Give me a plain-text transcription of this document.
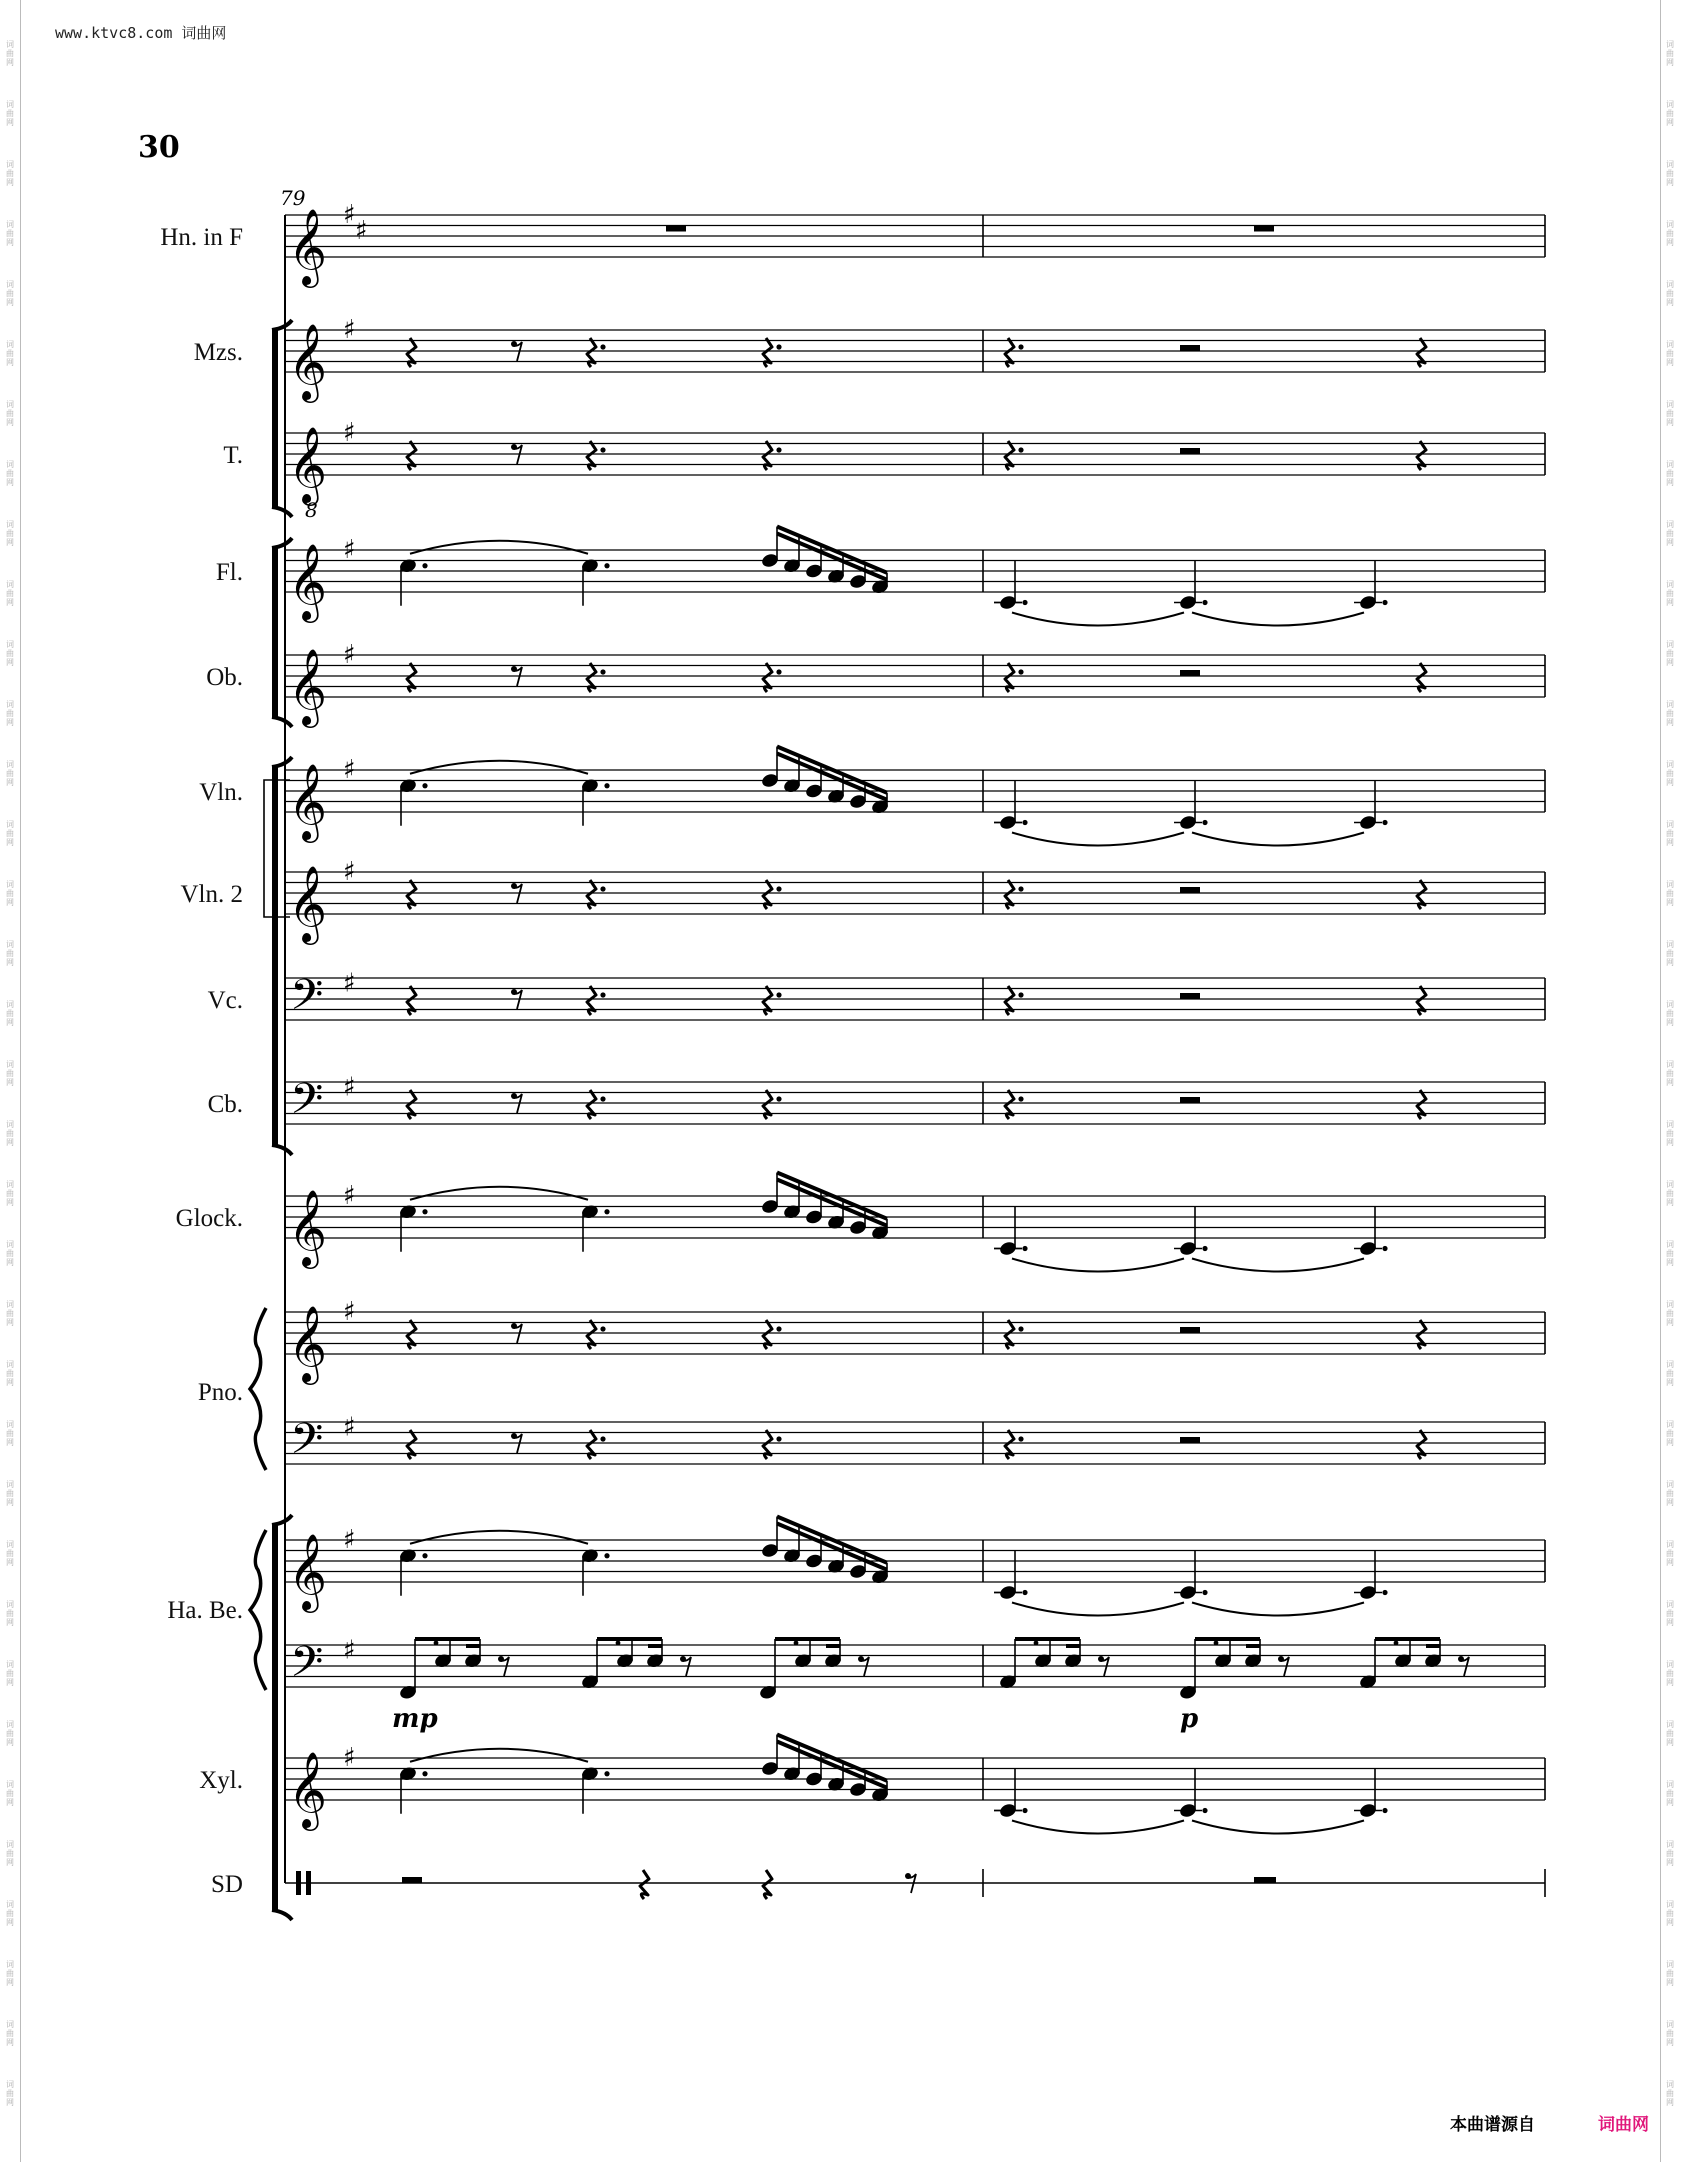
www.ktvc8.com 词曲网
30
词
曲
网
词
曲
网
词
曲
网
词
曲
网
词
曲
网
词
曲
网
词
曲
网
词
曲
网
词
曲
网
词
曲
网
词
曲
网
词
曲
网
词
曲
网
词
曲
网
词
曲
网
词
曲
网
词
曲
网
词
曲
网
词
曲
网
词
曲
网
词
曲
网
词
曲
网
词
曲
网
词
曲
网
词
曲
网
词
曲
网
词
曲
网
词
曲
网
词
曲
网
词
曲
网
词
曲
网
词
曲
网
词
曲
网
词
曲
网
词
曲
网
词
曲
网
词
曲
网
词
曲
网
词
曲
网
词
曲
网
词
曲
网
词
曲
网
词
曲
网
词
曲
网
词
曲
网
词
曲
网
词
曲
网
词
曲
网
词
曲
网
词
曲
网
词
曲
网
词
曲
网
词
曲
网
词
曲
网
词
曲
网
词
曲
网
词
曲
网
词
曲
网
词
曲
网
词
曲
网
词
曲
网
词
曲
网
词
曲
网
词
曲
网
词
曲
网
词
曲
网
词
曲
网
词
曲
网
词
曲
网
词
曲
网
79
𝄞 ♯
♯
Hn. in F
𝄞 ♯
Mzs.
𝄞
8
♯
T.
𝄞 ♯
Fl.
𝄞 ♯
Ob.
𝄞 ♯
Vln.
𝄞 ♯
Vln. 2
𝄢 ♯
Vc.
𝄢 ♯
Cb.
𝄞 ♯
Glock.
𝄞 ♯
Pno.
𝄢 ♯
𝄞 ♯
Ha. Be.
𝄢 ♯
𝄞 ♯
Xyl.
SD
mp	p
本曲谱源自	词曲网
